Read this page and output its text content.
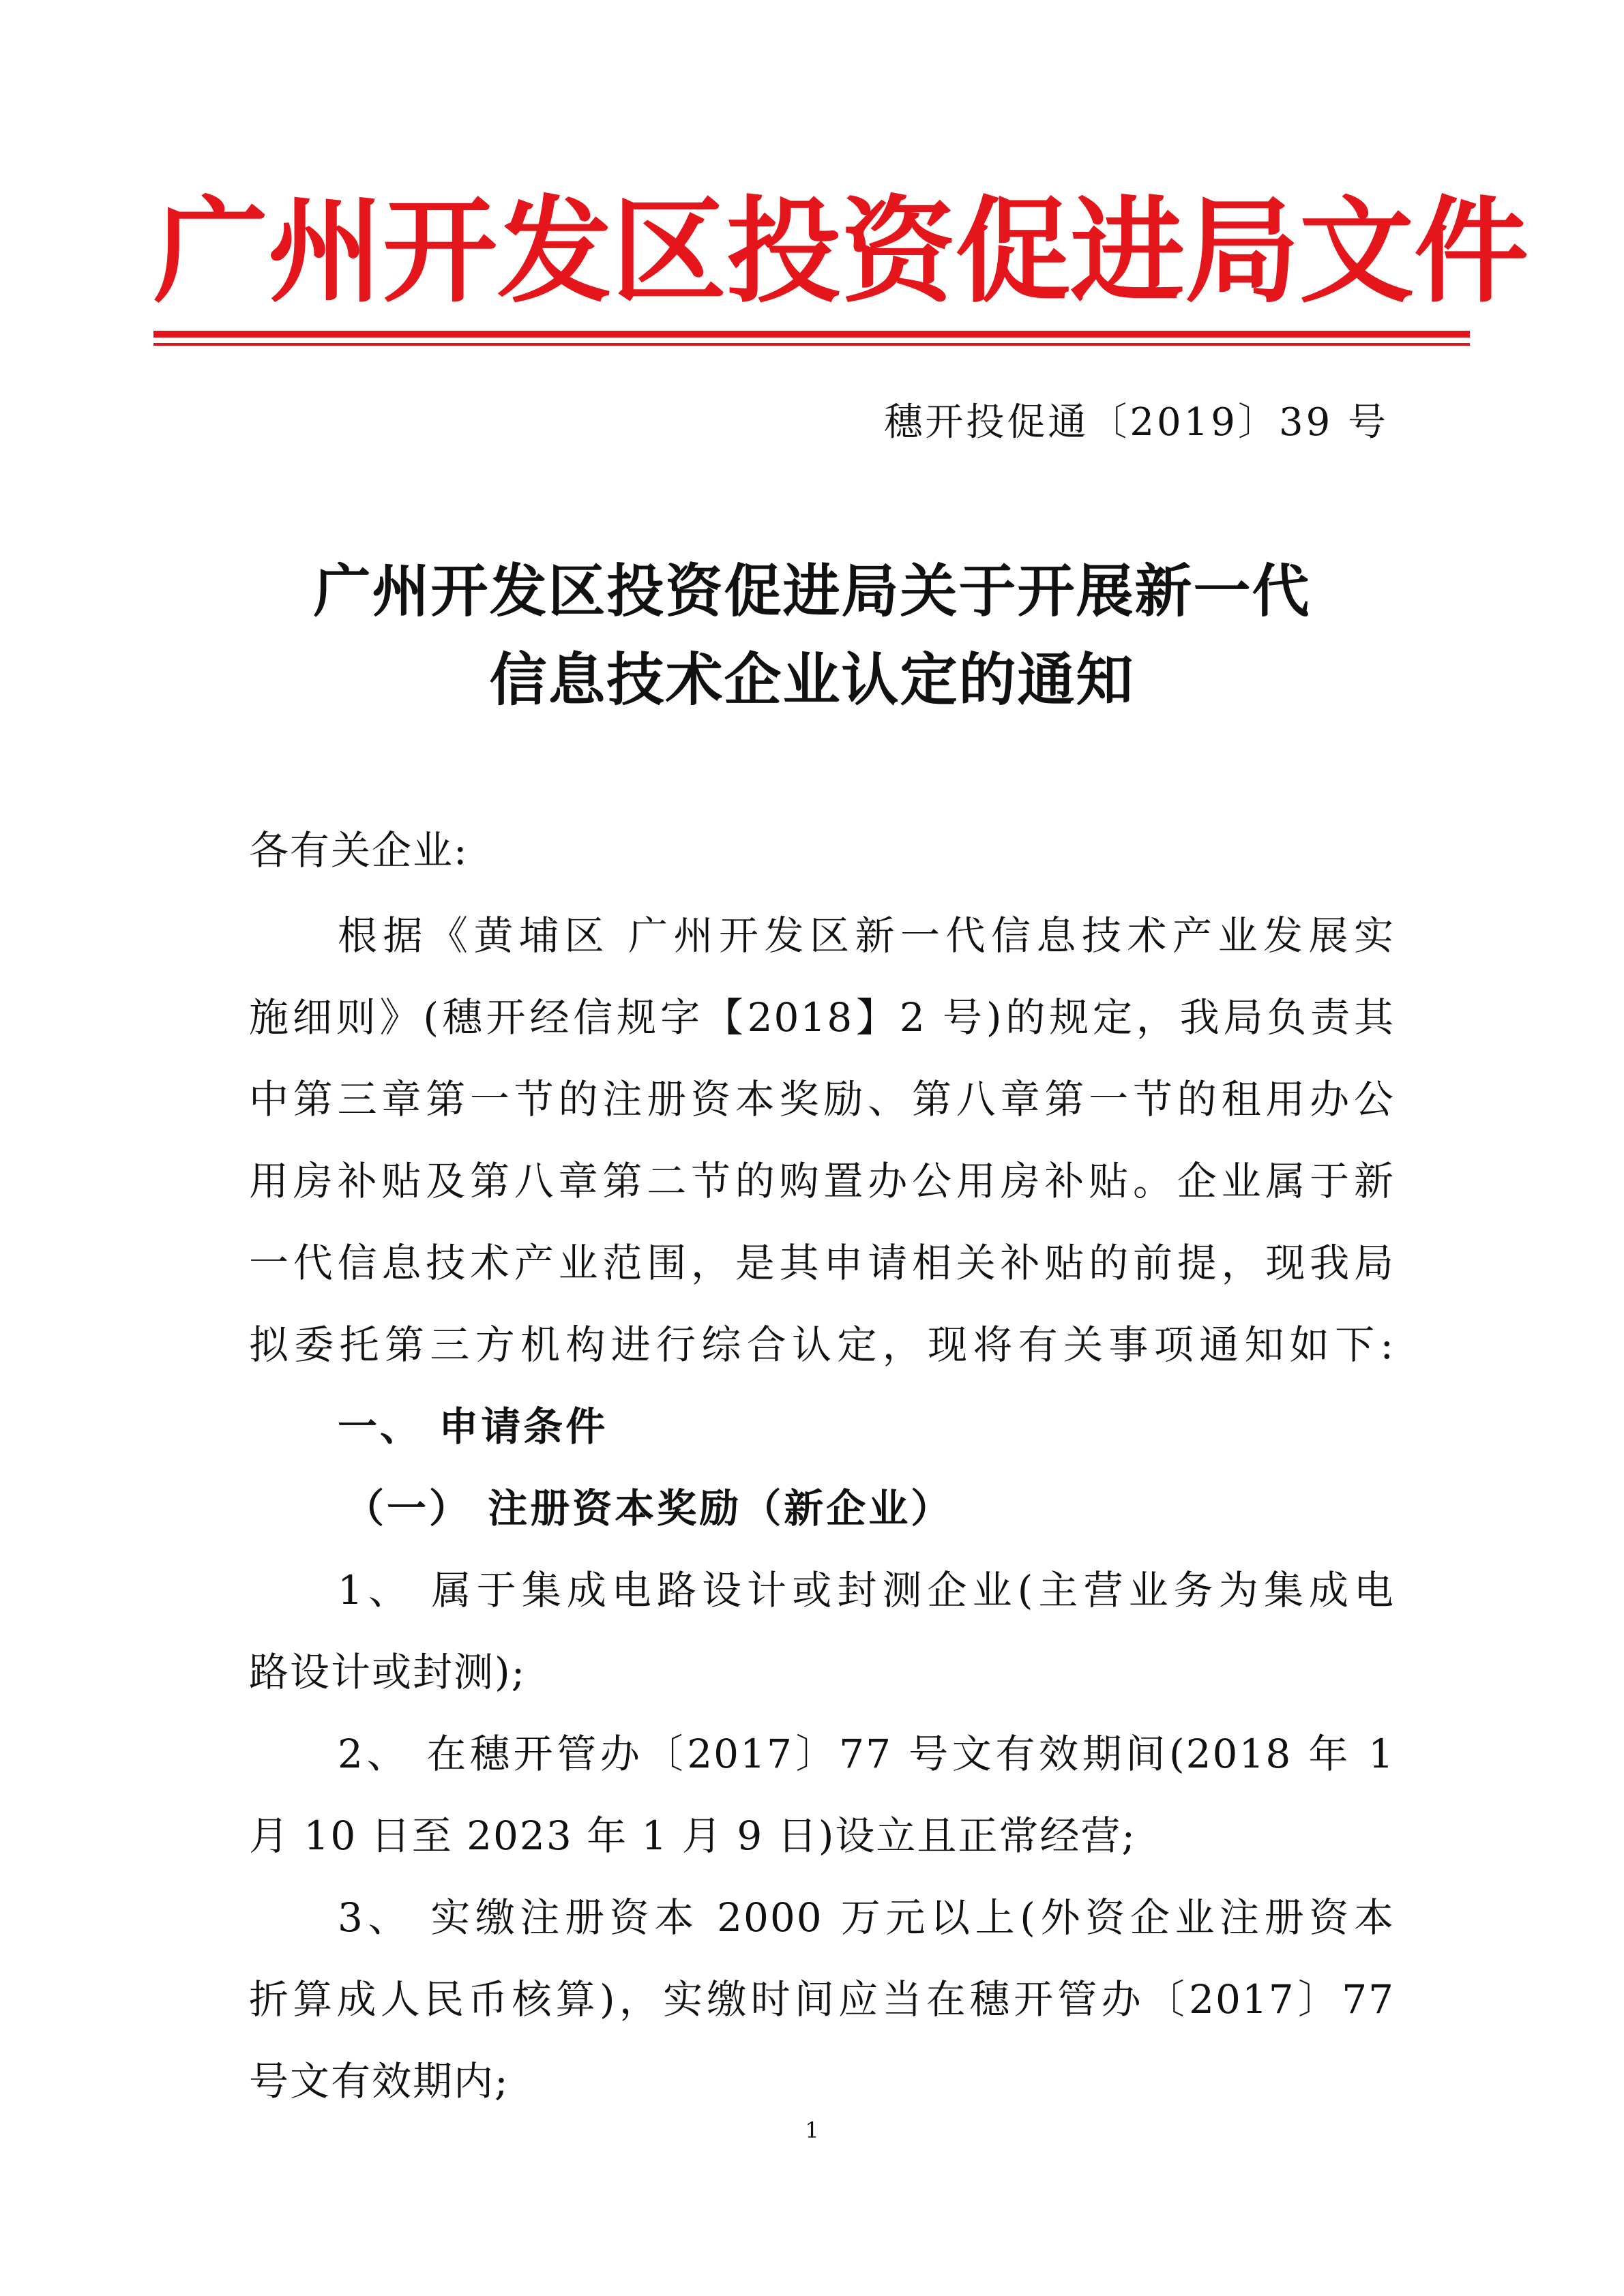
广 州 开 发 区 投 资 促 进 局 文 件
穗开投促通〔2019〕39 号
广州开发区投资促进局关于开展新一代
信息技术企业认定的通知
各有关企业:
根据《黄埔区 广州开发区新一代信息技术产业发展实
施细则》(穗开经信规字【2018】2 号)的规定，我局负责其
中第三章第一节的注册资本奖励、第八章第一节的租用办公
用房补贴及第八章第二节的购置办公用房补贴。企业属于新
一代信息技术产业范围，是其申请相关补贴的前提，现我局
拟委托第三方机构进行综合认定，现将有关事项通知如下:
一、 申请条件
（一） 注册资本奖励（新企业）
1、 属于集成电路设计或封测企业(主营业务为集成电
路设计或封测);
2、 在穗开管办〔2017〕77 号文有效期间(2018 年 1
月 10 日至 2023 年 1 月 9 日)设立且正常经营;
3、 实缴注册资本 2000 万元以上(外资企业注册资本
折算成人民币核算)，实缴时间应当在穗开管办〔2017〕77
号文有效期内;
1
